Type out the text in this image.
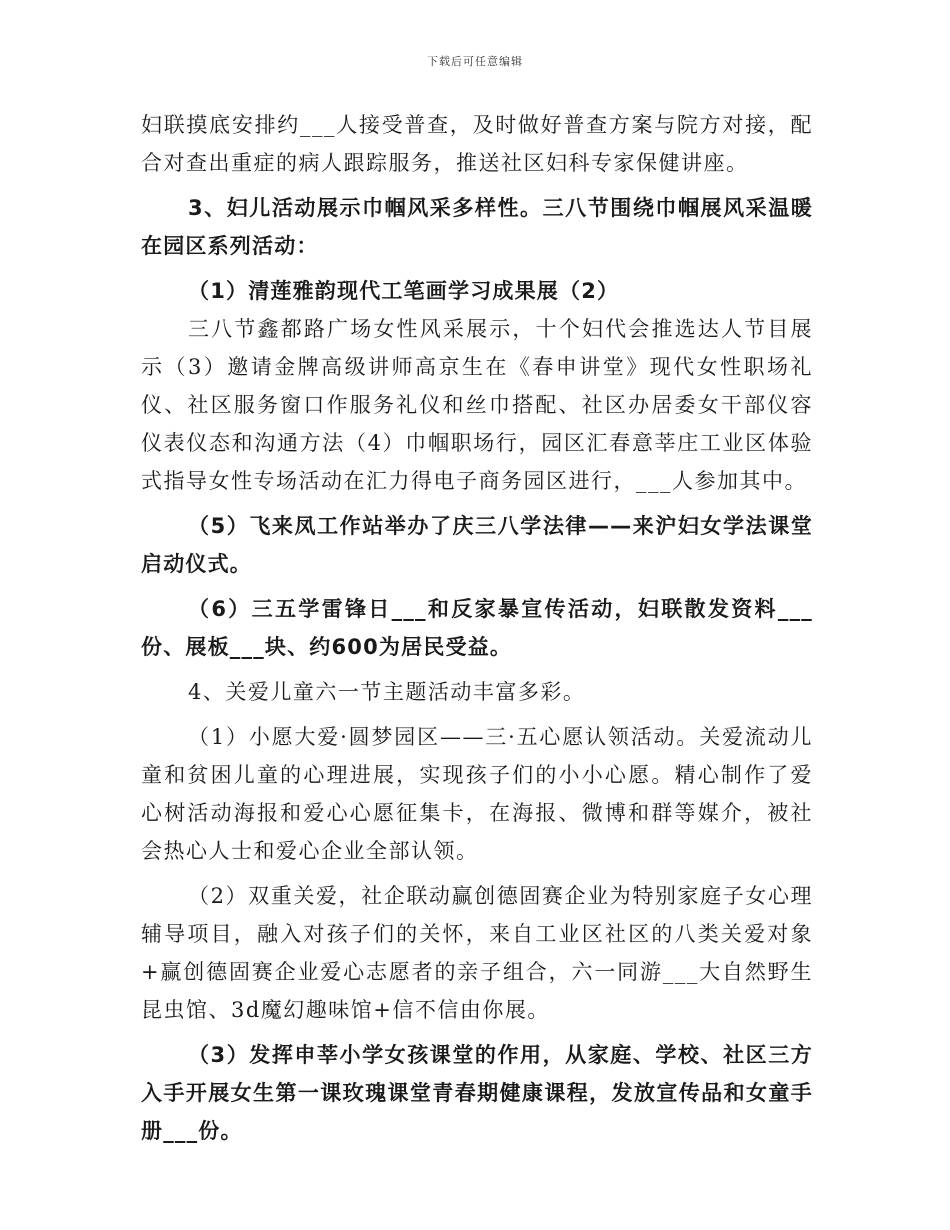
下载后可任意编辑

妇联摸底安排约___人接受普查，及时做好普查方案与院方对接，配合对查出重症的病人跟踪服务，推送社区妇科专家保健讲座。

3、妇儿活动展示巾帼风采多样性。三八节围绕巾帼展风采温暖在园区系列活动：

（1）清莲雅韵现代工笔画学习成果展（2）

三八节鑫都路广场女性风采展示，十个妇代会推选达人节目展示（3）邀请金牌高级讲师高京生在《春申讲堂》现代女性职场礼仪、社区服务窗口作服务礼仪和丝巾搭配、社区办居委女干部仪容仪表仪态和沟通方法（4）巾帼职场行，园区汇春意莘庄工业区体验式指导女性专场活动在汇力得电子商务园区进行，___人参加其中。

（5）飞来凤工作站举办了庆三八学法律——来沪妇女学法课堂启动仪式。

（6）三五学雷锋日___和反家暴宣传活动，妇联散发资料___份、展板___块、约600为居民受益。

4、关爱儿童六一节主题活动丰富多彩。

（1）小愿大爱·圆梦园区——三·五心愿认领活动。关爱流动儿童和贫困儿童的心理进展，实现孩子们的小小心愿。精心制作了爱心树活动海报和爱心心愿征集卡，在海报、微博和群等媒介，被社会热心人士和爱心企业全部认领。

（2）双重关爱，社企联动赢创德固赛企业为特别家庭子女心理辅导项目，融入对孩子们的关怀，来自工业区社区的八类关爱对象+赢创德固赛企业爱心志愿者的亲子组合，六一同游___大自然野生昆虫馆、3d魔幻趣味馆+信不信由你展。

（3）发挥申莘小学女孩课堂的作用，从家庭、学校、社区三方入手开展女生第一课玫瑰课堂青春期健康课程，发放宣传品和女童手册___份。
